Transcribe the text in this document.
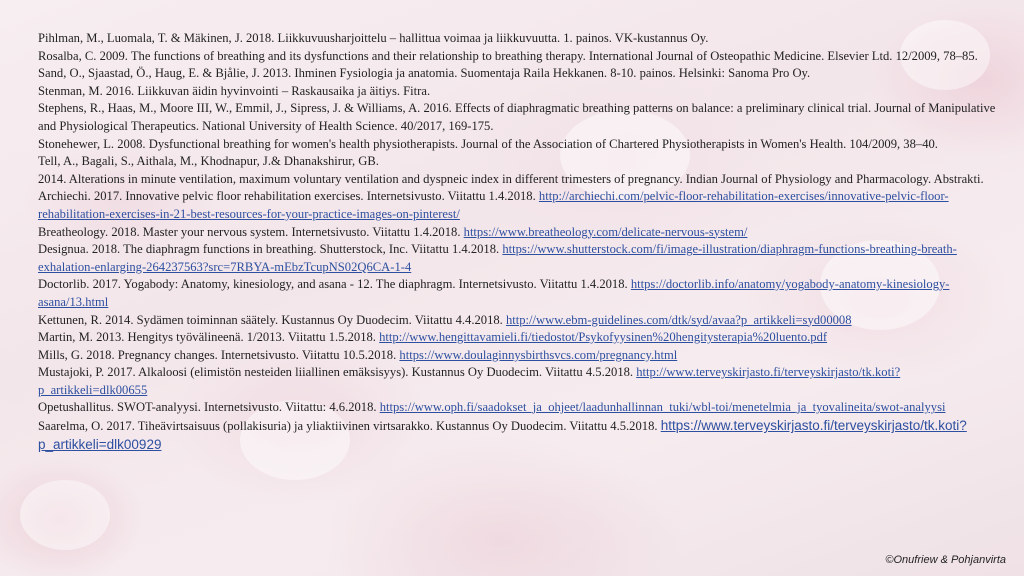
Pihlman, M., Luomala, T. & Mäkinen, J. 2018. Liikkuvuusharjoittelu – hallittua voimaa ja liikkuvuutta. 1. painos. VK-kustannus Oy.

Rosalba, C. 2009. The functions of breathing and its dysfunctions and their relationship to breathing therapy. International Journal of Osteopathic Medicine. Elsevier Ltd. 12/2009, 78–85.

Sand, O., Sjaastad, Ö., Haug, E. & Bjålie, J. 2013. Ihminen Fysiologia ja anatomia. Suomentaja Raila Hekkanen. 8-10. painos. Helsinki: Sanoma Pro Oy.

Stenman, M. 2016. Liikkuvan äidin hyvinvointi – Raskausaika ja äitiys. Fitra.

Stephens, R., Haas, M., Moore III, W., Emmil, J., Sipress, J. & Williams, A. 2016. Effects of diaphragmatic breathing patterns on balance: a preliminary clinical trial. Journal of Manipulative and Physiological Therapeutics. National University of Health Science. 40/2017, 169-175.

Stonehewer, L. 2008. Dysfunctional breathing for women's health physiotherapists. Journal of the Association of Chartered Physiotherapists in Women's Health. 104/2009, 38–40.

Tell, A., Bagali, S., Aithala, M., Khodnapur, J.& Dhanakshirur, GB.

2014. Alterations in minute ventilation, maximum voluntary ventilation and dyspneic index in different trimesters of pregnancy. Indian Journal of Physiology and Pharmacology. Abstrakti.

Archiechi. 2017. Innovative pelvic floor rehabilitation exercises. Internetsivusto. Viitattu 1.4.2018. http://archiechi.com/pelvic-floor-rehabilitation-exercises/innovative-pelvic-floor-rehabilitation-exercises-in-21-best-resources-for-your-practice-images-on-pinterest/

Breatheology. 2018. Master your nervous system. Internetsivusto. Viitattu 1.4.2018. https://www.breatheology.com/delicate-nervous-system/

Designua. 2018. The diaphragm functions in breathing. Shutterstock, Inc. Viitattu 1.4.2018. https://www.shutterstock.com/fi/image-illustration/diaphragm-functions-breathing-breath-exhalation-enlarging-264237563?src=7RBYA-mEbzTcupNS02Q6CA-1-4

Doctorlib. 2017. Yogabody: Anatomy, kinesiology, and asana - 12. The diaphragm. Internetsivusto. Viitattu 1.4.2018. https://doctorlib.info/anatomy/yogabody-anatomy-kinesiology-asana/13.html

Kettunen, R. 2014. Sydämen toiminnan säätely. Kustannus Oy Duodecim. Viitattu 4.4.2018. http://www.ebm-guidelines.com/dtk/syd/avaa?p_artikkeli=syd00008

Martin, M. 2013. Hengitys työvälineenä. 1/2013. Viitattu 1.5.2018. http://www.hengittavamieli.fi/tiedostot/Psykofyysinen%20hengitysterapia%20luento.pdf

Mills, G. 2018. Pregnancy changes. Internetsivusto. Viitattu 10.5.2018. https://www.doulaginnysbirthsvcs.com/pregnancy.html

Mustajoki, P. 2017. Alkaloosi (elimistön nesteiden liiallinen emäksisyys). Kustannus Oy Duodecim. Viitattu 4.5.2018. http://www.terveyskirjasto.fi/terveyskirjasto/tk.koti?p_artikkeli=dlk00655

Opetushallitus. SWOT-analyysi. Internetsivusto. Viitattu: 4.6.2018. https://www.oph.fi/saadokset_ja_ohjeet/laadunhallinnan_tuki/wbl-toi/menetelmia_ja_tyovalineita/swot-analyysi

Saarelma, O. 2017. Tiheävirtsaisuus (pollakisuria) ja yliaktiivinen virtsarakko. Kustannus Oy Duodecim. Viitattu 4.5.2018. https://www.terveyskirjasto.fi/terveyskirjasto/tk.koti?p_artikkeli=dlk00929

©Onufriew & Pohjanvirta
